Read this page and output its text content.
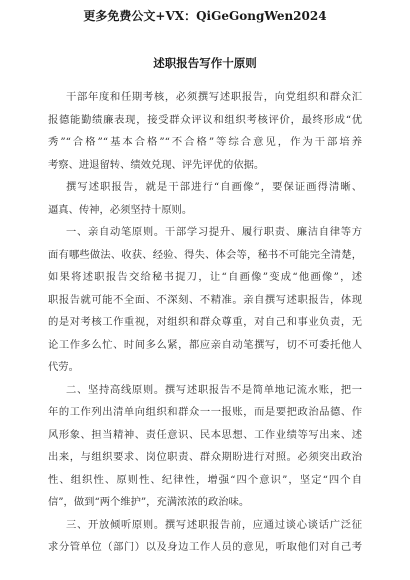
更多免费公文+VX：QiGeGongWen2024
述职报告写作十原则
干部年度和任期考核，必须撰写述职报告，向党组织和群众汇
报德能勤绩廉表现，接受群众评议和组织考核评价，最终形成“优
秀”“合格”“基本合格”“不合格”等综合意见，作为干部培养
考察、进退留转、绩效兑现、评先评优的依据。
撰写述职报告，就是干部进行“自画像”，要保证画得清晰、
逼真、传神，必须坚持十原则。
一、亲自动笔原则。干部学习提升、履行职责、廉洁自律等方
面有哪些做法、收获、经验、得失、体会等，秘书不可能完全清楚，
如果将述职报告交给秘书捉刀，让“自画像”变成“他画像”，述
职报告就可能不全面、不深刻、不精准。亲自撰写述职报告，体现
的是对考核工作重视，对组织和群众尊重，对自己和事业负责，无
论工作多么忙、时间多么紧，都应亲自动笔撰写，切不可委托他人
代劳。
二、坚持高线原则。撰写述职报告不是简单地记流水账，把一
年的工作列出清单向组织和群众一一报账，而是要把政治品德、作
风形象、担当精神、责任意识、民本思想、工作业绩等写出来、述
出来，与组织要求、岗位职责、群众期盼进行对照。必须突出政治
性、组织性、原则性、纪律性，增强“四个意识”，坚定“四个自
信”，做到“两个维护”，充满浓浓的政治味。
三、开放倾听原则。撰写述职报告前，应通过谈心谈话广泛征
求分管单位（部门）以及身边工作人员的意见，听取他们对自己考
